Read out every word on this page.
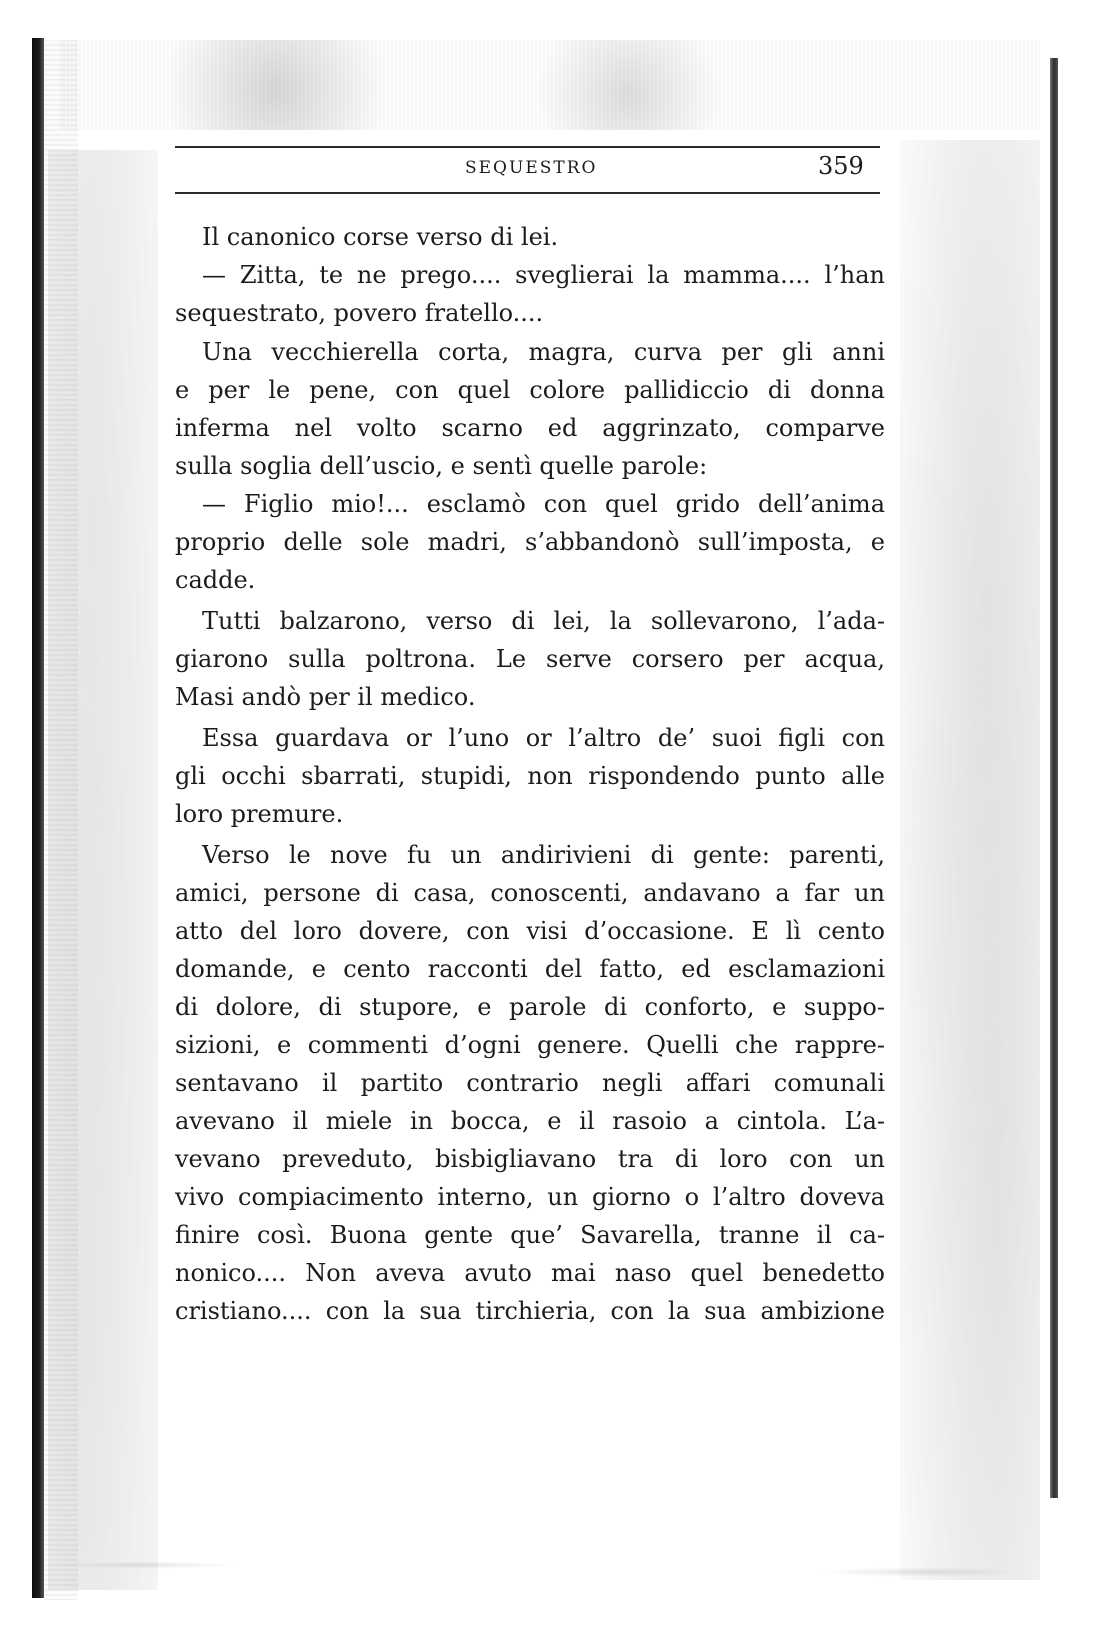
SEQUESTRO	359
Il canonico corse verso di lei.
— Zitta, te ne prego.... sveglierai la mamma.... l’han
sequestrato, povero fratello....
Una vecchierella corta, magra, curva per gli anni
e per le pene, con quel colore pallidiccio di donna
inferma nel volto scarno ed aggrinzato, comparve
sulla soglia dell’uscio, e sentì quelle parole:
— Figlio mio!... esclamò con quel grido dell’anima
proprio delle sole madri, s’abbandonò sull’imposta, e
cadde.
Tutti balzarono, verso di lei, la sollevarono, l’ada-
giarono sulla poltrona. Le serve corsero per acqua,
Masi andò per il medico.
Essa guardava or l’uno or l’altro de’ suoi figli con
gli occhi sbarrati, stupidi, non rispondendo punto alle
loro premure.
Verso le nove fu un andirivieni di gente: parenti,
amici, persone di casa, conoscenti, andavano a far un
atto del loro dovere, con visi d’occasione. E lì cento
domande, e cento racconti del fatto, ed esclamazioni
di dolore, di stupore, e parole di conforto, e suppo-
sizioni, e commenti d’ogni genere. Quelli che rappre-
sentavano il partito contrario negli affari comunali
avevano il miele in bocca, e il rasoio a cintola. L’a-
vevano preveduto, bisbigliavano tra di loro con un
vivo compiacimento interno, un giorno o l’altro doveva
finire così. Buona gente que’ Savarella, tranne il ca-
nonico.... Non aveva avuto mai naso quel benedetto
cristiano.... con la sua tirchieria, con la sua ambizione
